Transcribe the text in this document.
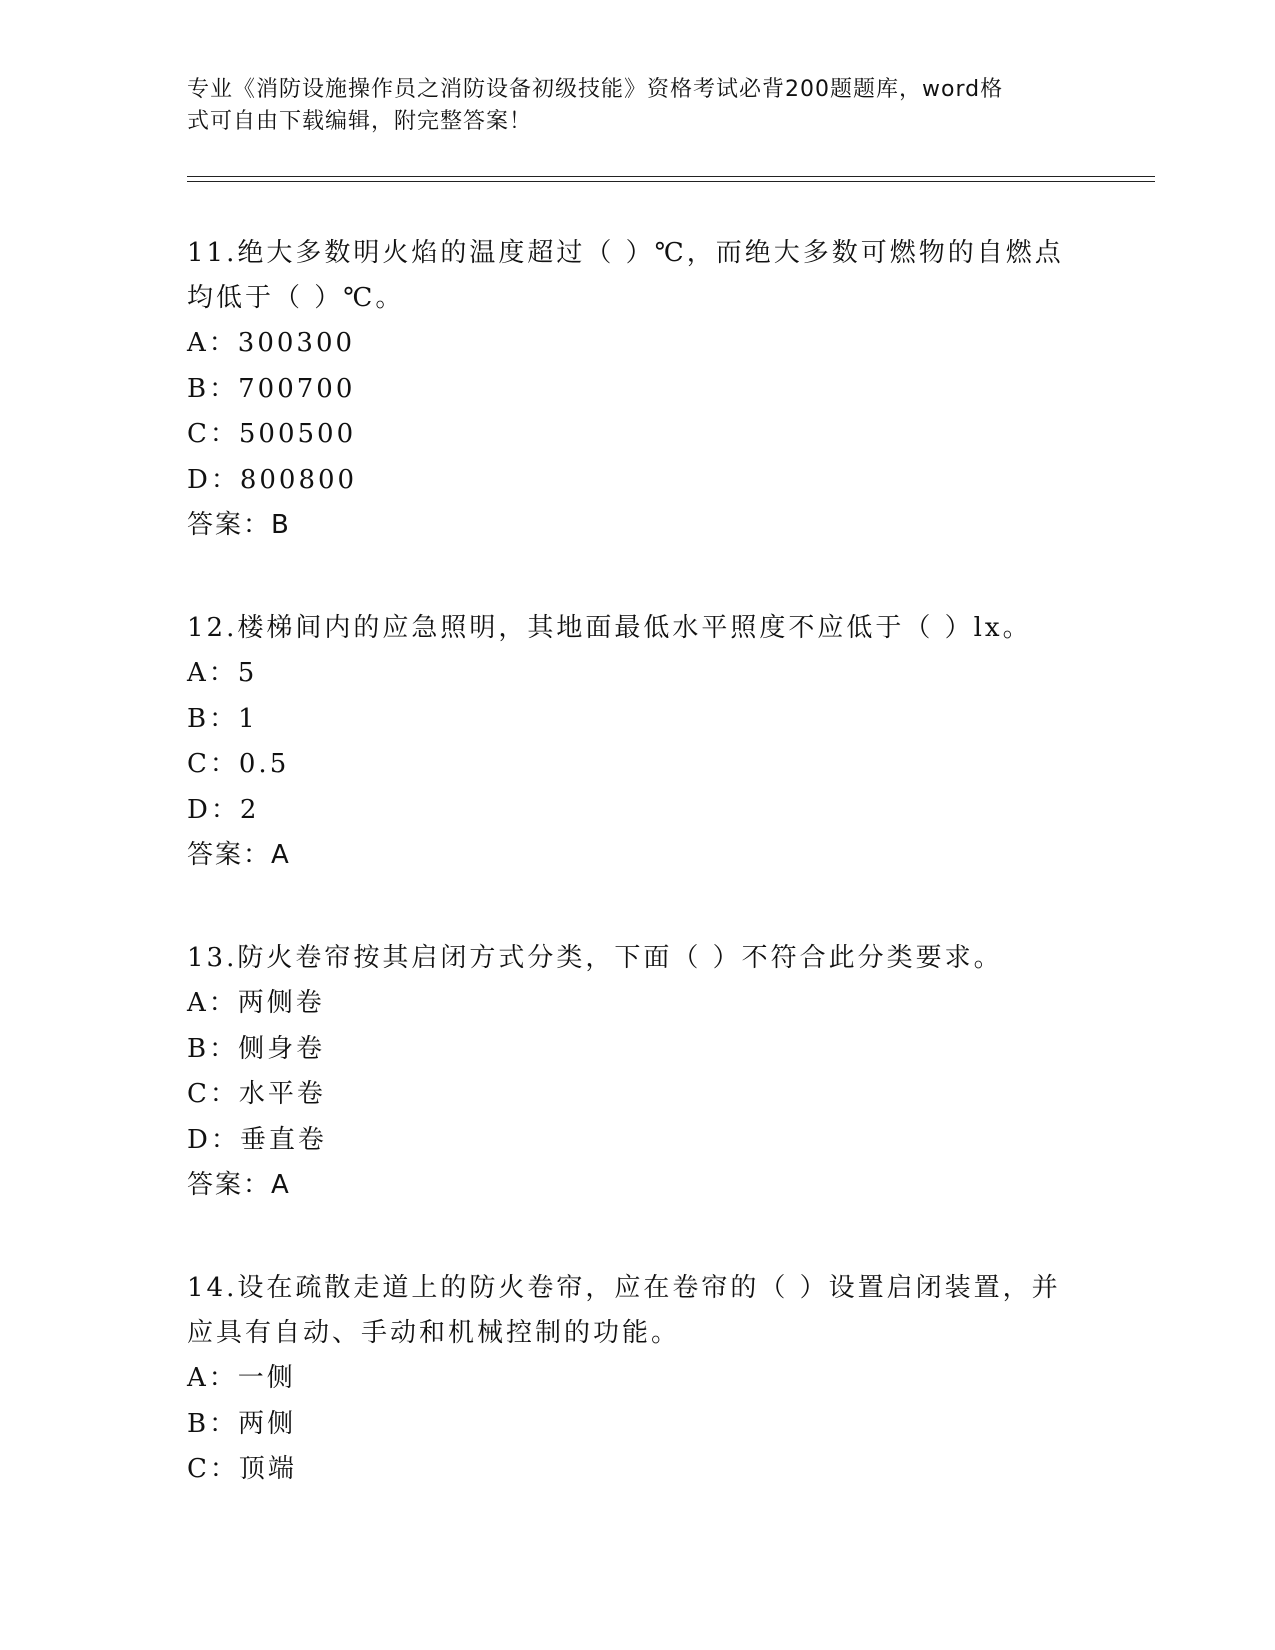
专业《消防设施操作员之消防设备初级技能》资格考试必背200题题库，word格
式可自由下载编辑，附完整答案！
11.绝大多数明火焰的温度超过（ ）℃，而绝大多数可燃物的自燃点
均低于（ ）℃。
A：300300
B：700700
C：500500
D：800800
答案：B
12.楼梯间内的应急照明，其地面最低水平照度不应低于（ ）lx。
A：5
B：1
C：0.5
D：2
答案：A
13.防火卷帘按其启闭方式分类，下面（ ）不符合此分类要求。
A：两侧卷
B：侧身卷
C：水平卷
D：垂直卷
答案：A
14.设在疏散走道上的防火卷帘，应在卷帘的（ ）设置启闭装置，并
应具有自动、手动和机械控制的功能。
A：一侧
B：两侧
C：顶端
